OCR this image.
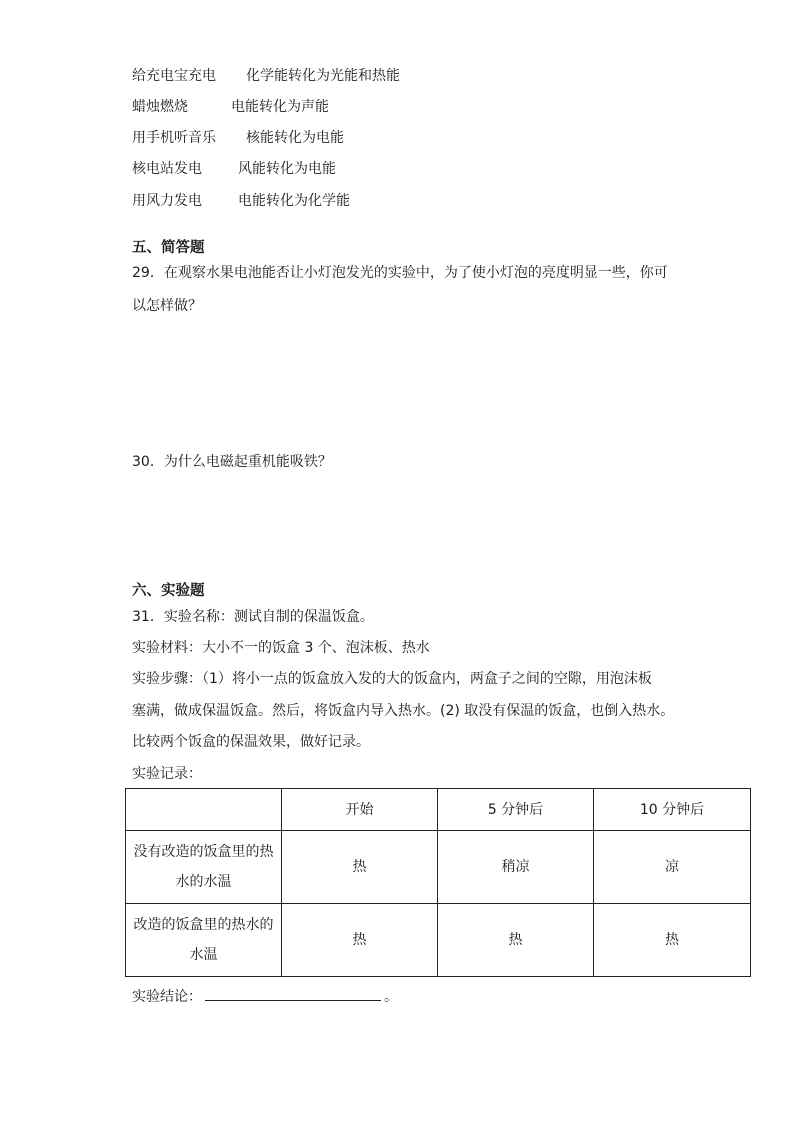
给充电宝充电 化学能转化为光能和热能
蜡烛燃烧	电能转化为声能
用手机听音乐 核能转化为电能
核电站发电	风能转化为电能
用风力发电	电能转化为化学能
五、简答题
29．在观察水果电池能否让小灯泡发光的实验中，为了使小灯泡的亮度明显一些，你可
以怎样做？
30．为什么电磁起重机能吸铁？
六、实验题
31．实验名称：测试自制的保温饭盒。
实验材料：大小不一的饭盒 3 个、泡沫板、热水
实验步骤：（1）将小一点的饭盒放入发的大的饭盒内，两盒子之间的空隙，用泡沫板
塞满，做成保温饭盒。然后，将饭盒内导入热水。(2) 取没有保温的饭盒，也倒入热水。
比较两个饭盒的保温效果，做好记录。
实验记录：
	开始	5 分钟后	10 分钟后
没有改造的饭盒里的热水的水温	热	稍凉	凉
改造的饭盒里的热水的水温	热	热	热
实验结论：	。
